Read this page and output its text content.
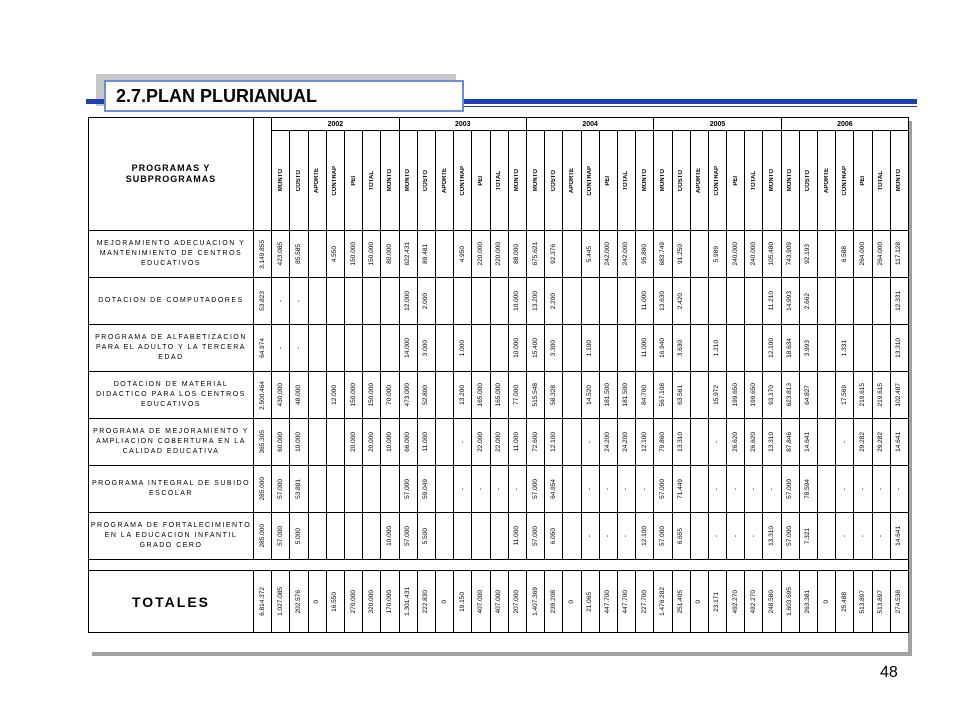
2.7.PLAN PLURIANUAL
PROGRAMAS Y SUBPROGRAMAS		2002							2003							2004							2005							2006						

		MONTO	COSTO	APORTE	CONTRAP	PEI	TOTAL	MONTO	MONTO	COSTO	APORTE	CONTRAP	PEI	TOTAL	MONTO	MONTO	COSTO	APORTE	CONTRAP	PEI	TOTAL	MONTO	MONTO	COSTO	APORTE	CONTRAP	PEI	TOTAL	MONTO	MONTO	COSTO	APORTE	CONTRAP	PEI	TOTAL	MONTO

MEJORAMIENTO ADECUACION Y MANTENIMIENTO DE CENTROS EDUCATIVOS	3.149.855	423.085	85.585		4.550	150.000	150.000	80.000	622.431	89.481		4.950	220.000	220.000	88.000	675.621	92.376		5.445	242.000	242.000	95.800	683.749	91.250		5.989	240.000	240.000	105.480	743.909	92.193		6.588	264.000	264.000	117.128

DOTACION DE COMPUTADORES	53.823	-	-						12.000	2.000					10.000	13.200	2.200					11.000	13.630	2.420					11.210	14.993	2.662					12.331

PROGRAMA DE ALFABETIZACION PARA EL ADULTO Y LA TERCERA EDAD	64.974	-	-						14.000	3.000		1.000			10.000	15.400	3.300		1.100			11.000	16.940	3.630		1.210			12.100	18.634	3.993		1.331			13.310

DOTACION DE MATERIAL DIDACTICO PARA LOS CENTROS EDUCATIVOS	2.500.464	430.000	48.000		12.000	150.000	150.000	70.000	473.000	52.800		13.200	165.000	165.000	77.000	515.548	58.328		14.520	181.500	181.500	84.700	567.108	63.561		15.972	199.650	199.650	93.170	623.813	64.827		17.569	219.615	219.615	102.487

PROGRAMA DE MEJORAMIENTO Y AMPLIACION COBERTURA EN LA CALIDAD EDUCATIVA	365.305	60.000	10.000			20.000	20.000	10.000	66.000	11.000		-	22.000	22.000	11.000	72.600	12.100		-	24.200	24.200	12.100	79.860	13.310		-	26.620	26.620	13.310	87.846	14.641		-	29.282	29.282	14.641

PROGRAMA INTEGRAL DE SUBIDO ESCOLAR	285.000	57.000	53.881						57.000	59.049		-	-	-	-	57.000	64.954		-	-	-	-	57.000	71.449		-	-	-	-	57.000	78.594		-	-	-	-

PROGRAMA DE FORTALECIMIENTO EN LA EDUCACION INFANTIL GRADO CERO	285.000	57.000	5.000					10.000	57.000	5.500					11.000	57.000	6.050		-	-	-	12.100	57.000	6.655		-	-	-	13.310	57.000	7.321		-	-	-	14.641

TOTALES	6.814.372	1.027.085	202.576	0	16.550	270.000	320.000	170.000	1.301.431	222.830	0	19.150	407.000	407.000	207.000	1.407.369	239.208	0	21.065	447.700	447.700	227.700	1.476.282	251.405	0	23.171	492.270	492.270	248.580	1.603.695	263.381	0	25.488	513.897	513.897	274.538
48
